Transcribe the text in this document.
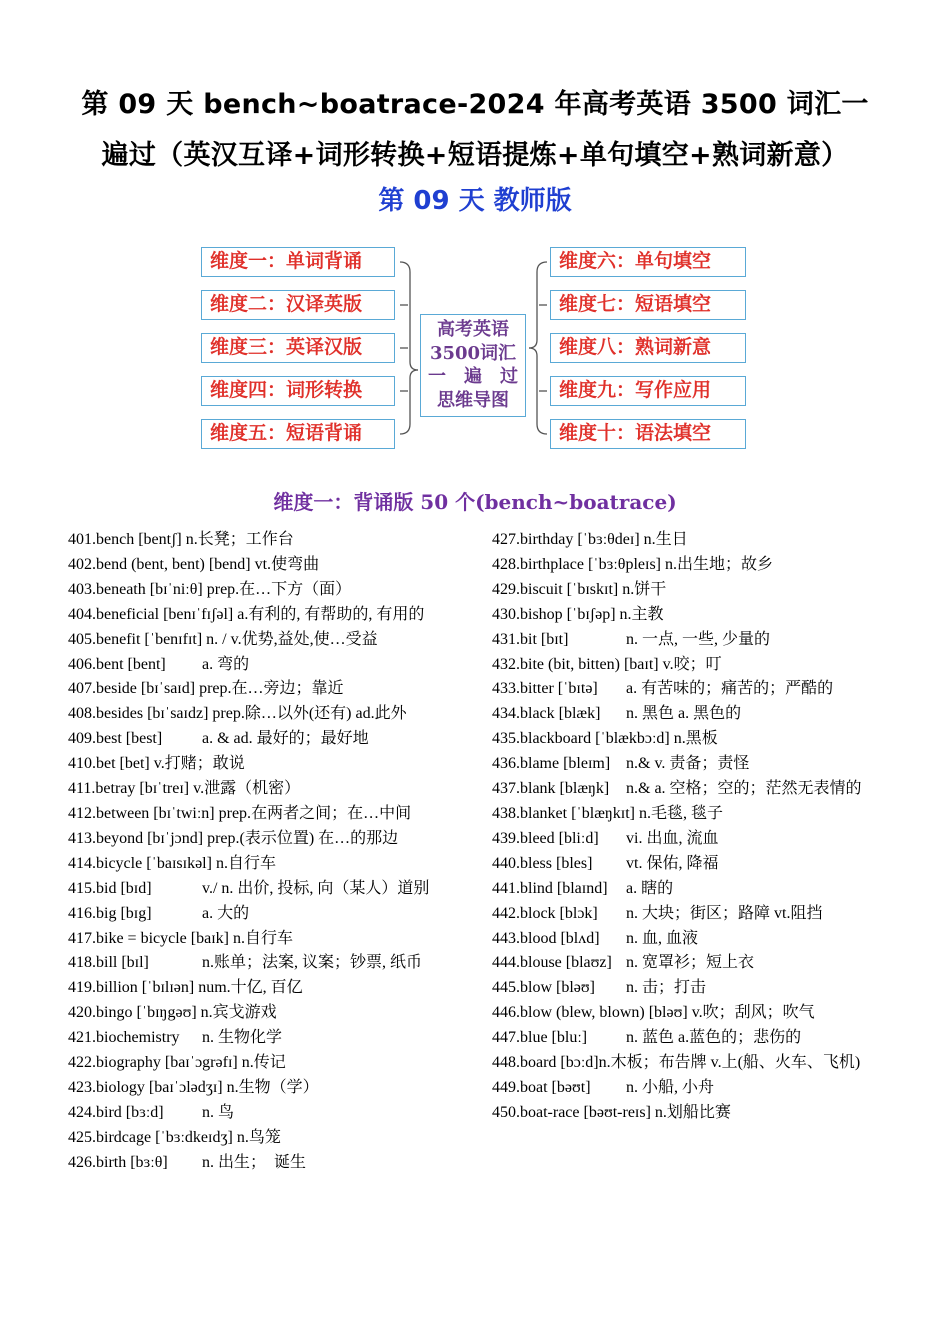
第 09 天 bench~boatrace-2024 年高考英语 3500 词汇一
遍过（英汉互译+词形转换+短语提炼+单句填空+熟词新意）
第 09 天 教师版
维度一：单词背诵
维度二：汉译英版
维度三：英译汉版
维度四：词形转换
维度五：短语背诵
维度六：单句填空
维度七：短语填空
维度八：熟词新意
维度九：写作应用
维度十：语法填空
高考英语
3500词汇
一　遍　过
思维导图
维度一：背诵版 50 个(bench~boatrace)
401.bench [bentʃ] n.长凳；工作台
402.bend (bent, bent) [bend] vt.使弯曲
403.beneath [bɪˈniːθ] prep.在…下方（面）
404.beneficial [benɪˈfɪʃəl] a.有利的, 有帮助的, 有用的
405.benefit [ˈbenɪfɪt] n. / v.优势,益处,使…受益
406.bent [bent] a. 弯的
407.beside [bɪˈsaɪd] prep.在…旁边；靠近
408.besides [bɪˈsaɪdz] prep.除…以外(还有) ad.此外
409.best [best] a. & ad. 最好的；最好地
410.bet [bet] v.打赌；敢说
411.betray [bɪˈtreɪ] v.泄露（机密）
412.between [bɪˈtwiːn] prep.在两者之间；在…中间
413.beyond [bɪˈjɔnd] prep.(表示位置) 在…的那边
414.bicycle [ˈbaɪsɪkəl] n.自行车
415.bid [bɪd]	v./ n. 出价, 投标, 向（某人）道别
416.big [bɪg]	a. 大的
417.bike = bicycle [baɪk] n.自行车
418.bill [bɪl]	n.账单；法案, 议案；钞票, 纸币
419.billion [ˈbɪlɪən] num.十亿, 百亿
420.bingo [ˈbɪŋgəʊ] n.宾戈游戏
421.biochemistry n. 生物化学
422.biography [baɪˈɔgrəfɪ] n.传记
423.biology [baɪˈɔlədʒɪ] n.生物（学）
424.bird [bɜːd] n. 鸟
425.birdcage [ˈbɜːdkeɪdʒ] n.鸟笼
426.birth [bɜːθ] n. 出生；　诞生
427.birthday [ˈbɜːθdeɪ] n.生日
428.birthplace [ˈbɜːθpleɪs] n.出生地；故乡
429.biscuit [ˈbɪskɪt] n.饼干
430.bishop [ˈbɪʃəp] n.主教
431.bit [bɪt]	n. 一点, 一些, 少量的
432.bite (bit, bitten) [baɪt] v.咬；叮
433.bitter [ˈbɪtə] a. 有苦味的；痛苦的；严酷的
434.black [blæk] n. 黑色 a. 黑色的
435.blackboard [ˈblækbɔːd] n.黑板
436.blame [bleɪm] n.& v. 责备；责怪
437.blank [blæŋk] n.& a. 空格；空的；茫然无表情的
438.blanket [ˈblæŋkɪt] n.毛毯, 毯子
439.bleed [bliːd] vi. 出血, 流血
440.bless [bles] vt. 保佑, 降福
441.blind [blaɪnd] a. 瞎的
442.block [blɔk] n. 大块；街区；路障 vt.阻挡
443.blood [blʌd] n. 血, 血液
444.blouse [blaʊz] n. 宽罩衫；短上衣
445.blow [bləʊ] n. 击；打击
446.blow (blew, blown) [bləʊ] v.吹；刮风；吹气
447.blue [bluː] n. 蓝色 a.蓝色的；悲伤的
448.board [bɔːd]n.木板；布告牌 v.上(船、火车、飞机)
449.boat [bəʊt] n. 小船, 小舟
450.boat-race [bəʊt-reɪs] n.划船比赛
